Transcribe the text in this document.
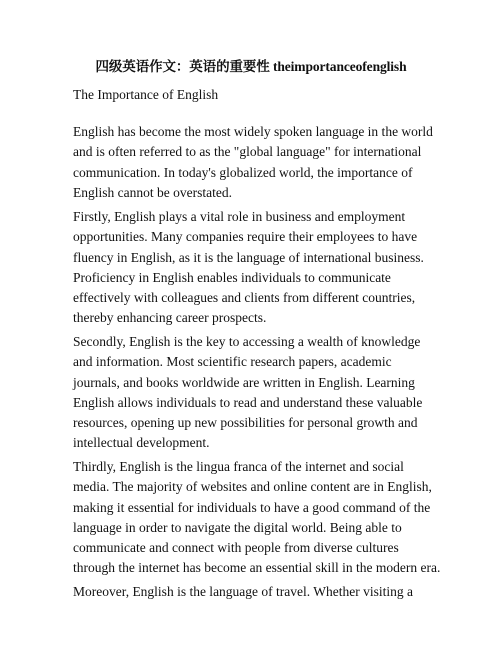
四级英语作文：英语的重要性 theimportanceofenglish
The Importance of English
English has become the most widely spoken language in the world
and is often referred to as the "global language" for international
communication. In today's globalized world, the importance of
English cannot be overstated.
Firstly, English plays a vital role in business and employment
opportunities. Many companies require their employees to have
fluency in English, as it is the language of international business.
Proficiency in English enables individuals to communicate
effectively with colleagues and clients from different countries,
thereby enhancing career prospects.
Secondly, English is the key to accessing a wealth of knowledge
and information. Most scientific research papers, academic
journals, and books worldwide are written in English. Learning
English allows individuals to read and understand these valuable
resources, opening up new possibilities for personal growth and
intellectual development.
Thirdly, English is the lingua franca of the internet and social
media. The majority of websites and online content are in English,
making it essential for individuals to have a good command of the
language in order to navigate the digital world. Being able to
communicate and connect with people from diverse cultures
through the internet has become an essential skill in the modern era.
Moreover, English is the language of travel. Whether visiting a
